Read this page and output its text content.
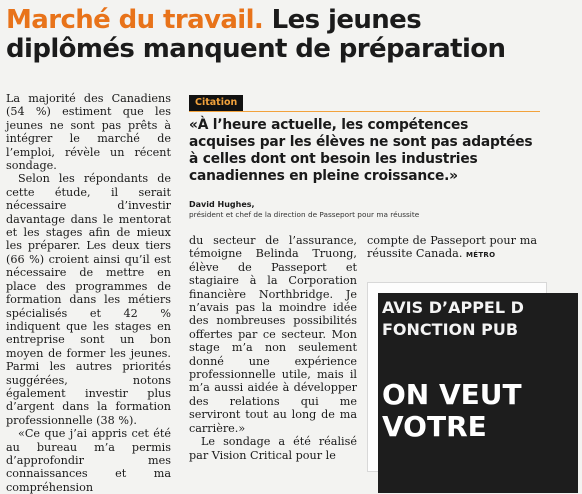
Marché du travail. Les jeunes diplômés manquent de préparation

La majorité des Canadiens (54 %) estiment que les jeunes ne sont pas prêts à intégrer le marché de l’emploi, révèle un récent sondage.

Selon les répondants de cette étude, il serait nécessaire d’investir davantage dans le mentorat et les stages afin de mieux les préparer. Les deux tiers (66 %) croient ainsi qu’il est nécessaire de mettre en place des programmes de formation dans les métiers spécialisés et 42 % indiquent que les stages en entreprise sont un bon moyen de former les jeunes. Parmi les autres priorités suggérées, notons également investir plus d’argent dans la formation professionnelle (38 %).

«Ce que j’ai appris cet été au bureau m’a permis d’approfondir mes connaissances et ma compréhension

Citation

«À l’heure actuelle, les compétences acquises par les élèves ne sont pas adaptées à celles dont ont besoin les industries canadiennes en pleine croissance.»

David Hughes,
président et chef de la direction de Passeport pour ma réussite

du secteur de l’assurance, témoigne Belinda Truong, élève de Passeport et stagiaire à la Corporation financière Northbridge. Je n’avais pas la moindre idée des nombreuses possibilités offertes par ce secteur. Mon stage m’a non seulement donné une expérience professionnelle utile, mais il m’a aussi aidée à développer des relations qui me serviront tout au long de ma carrière.»

Le sondage a été réalisé par Vision Critical pour le

compte de Passeport pour ma réussite Canada. MÉTRO

AVIS D’APPEL D
FONCTION PUB
ON VEUT
VOTRE
